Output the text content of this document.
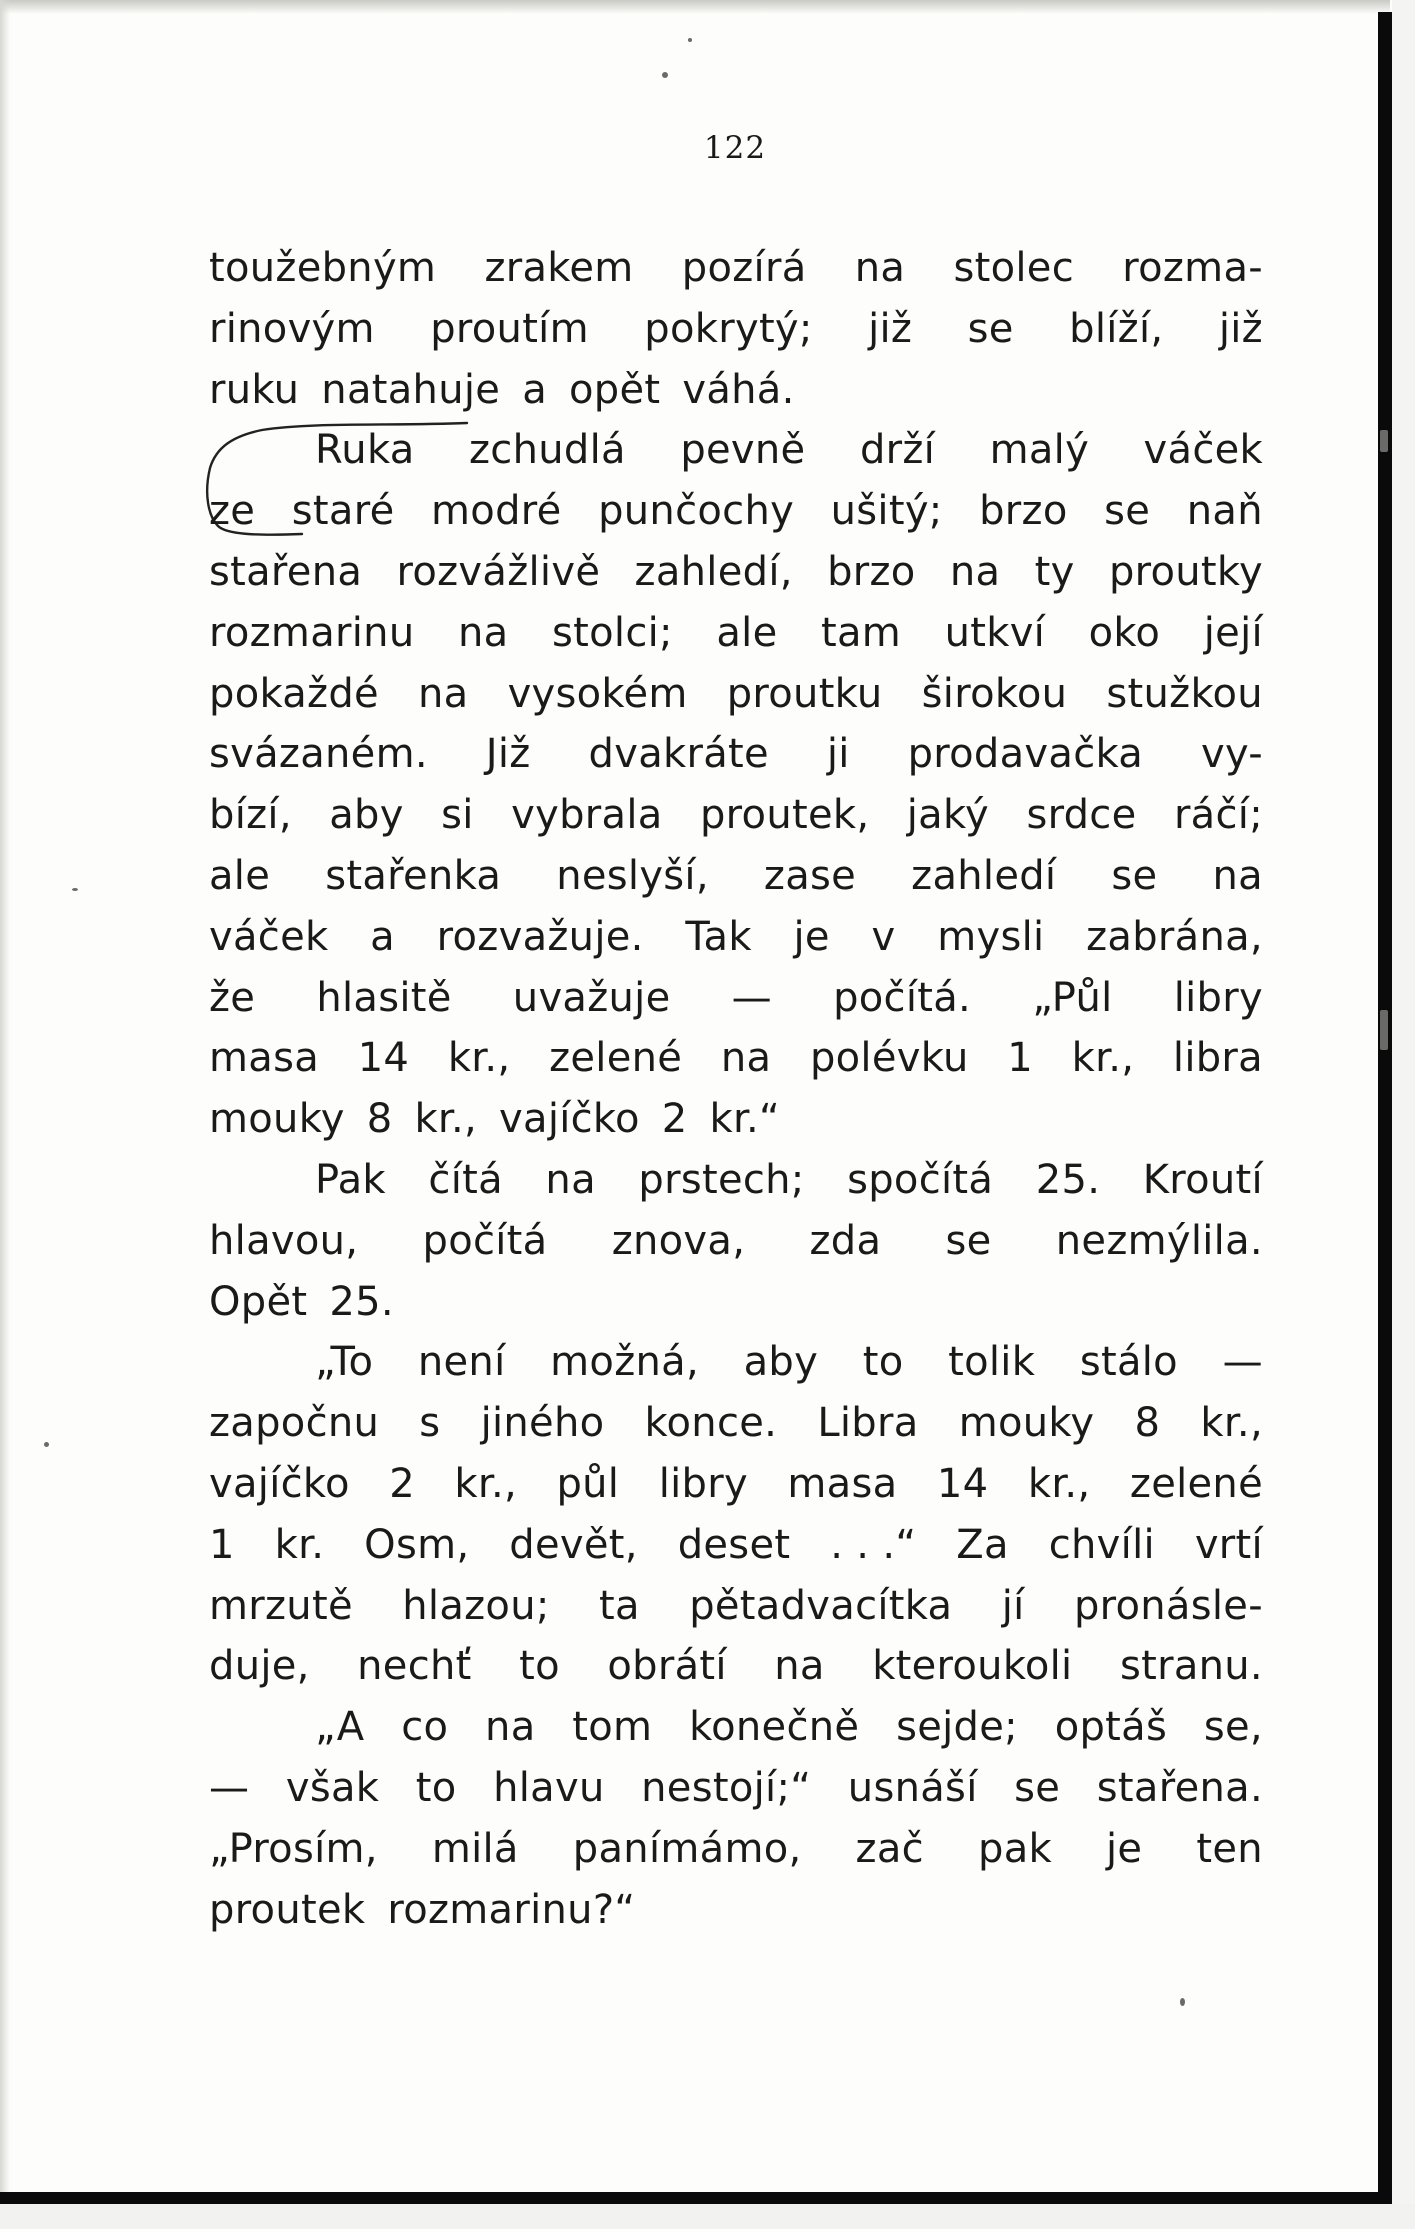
122
toužebným zrakem pozírá na stolec rozma-
rinovým proutím pokrytý; již se blíží, již
ruku natahuje a opět váhá.
Ruka zchudlá pevně drží malý váček
ze staré modré punčochy ušitý; brzo se naň
stařena rozvážlivě zahledí, brzo na ty proutky
rozmarinu na stolci; ale tam utkví oko její
pokaždé na vysokém proutku širokou stužkou
svázaném. Již dvakráte ji prodavačka vy-
bízí, aby si vybrala proutek, jaký srdce ráčí;
ale stařenka neslyší, zase zahledí se na
váček a rozvažuje. Tak je v mysli zabrána,
že hlasitě uvažuje — počítá. „Půl libry
masa 14 kr., zelené na polévku 1 kr., libra
mouky 8 kr., vajíčko 2 kr.“
Pak čítá na prstech; spočítá 25. Kroutí
hlavou, počítá znova, zda se nezmýlila.
Opět 25.
„To není možná, aby to tolik stálo —
započnu s jiného konce. Libra mouky 8 kr.,
vajíčko 2 kr., půl libry masa 14 kr., zelené
1 kr. Osm, devět, deset . . .“ Za chvíli vrtí
mrzutě hlazou; ta pětadvacítka jí pronásle-
duje, nechť to obrátí na kteroukoli stranu.
„A co na tom konečně sejde; optáš se,
— však to hlavu nestojí;“ usnáší se stařena.
„Prosím, milá panímámo, zač pak je ten
proutek rozmarinu?“
